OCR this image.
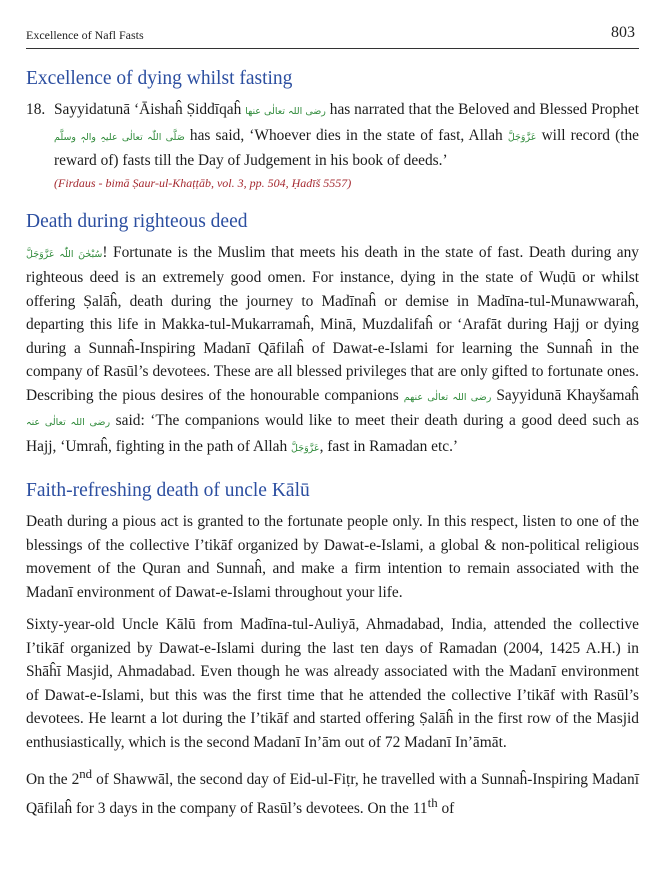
Excellence of Nafl Fasts	803
Excellence of dying whilst fasting

18. Sayyidatunā ‘Āishaĥ Ṣiddīqaĥ رضی اللہ تعالٰی عنھا has narrated that the Beloved and Blessed Prophet صَلَّی اللّٰہ تعالٰی علیہِ والہٖ وسلَّم has said, ‘Whoever dies in the state of fast, Allah عَزَّوَجَلَّ will record (the reward of) fasts till the Day of Judgement in his book of deeds.’

(Firdaus - bimā Ṣaur-ul-Khaṭṭāb, vol. 3, pp. 504, Ḥadīš 5557)
Death during righteous deed

سُبْحٰنَ اللّٰہ عَزَّوَجَلَّ! Fortunate is the Muslim that meets his death in the state of fast. Death during any righteous deed is an extremely good omen. For instance, dying in the state of Wuḍū or whilst offering Ṣalāĥ, death during the journey to Madīnaĥ or demise in Madīna-tul-Munawwaraĥ, departing this life in Makka-tul-Mukarramaĥ, Minā, Muzdalifaĥ or ‘Arafāt during Hajj or dying during a Sunnaĥ-Inspiring Madanī Qāfilaĥ of Dawat-e-Islami for learning the Sunnaĥ in the company of Rasūl’s devotees. These are all blessed privileges that are only gifted to fortunate ones. Describing the pious desires of the honourable companions رضی اللہ تعالٰی عنھم Sayyidunā Khayšamaĥ رضی اللہ تعالٰی عنہ said: ‘The companions would like to meet their death during a good deed such as Hajj, ‘Umraĥ, fighting in the path of Allah عَزَّوَجَلَّ, fast in Ramadan etc.’

Faith-refreshing death of uncle Kālū

Death during a pious act is granted to the fortunate people only. In this respect, listen to one of the blessings of the collective I’tikāf organized by Dawat-e-Islami, a global & non-political religious movement of the Quran and Sunnaĥ, and make a firm intention to remain associated with the Madanī environment of Dawat-e-Islami throughout your life.

Sixty-year-old Uncle Kālū from Madīna-tul-Auliyā, Ahmadabad, India, attended the collective I’tikāf organized by Dawat-e-Islami during the last ten days of Ramadan (2004, 1425 A.H.) in Shāĥī Masjid, Ahmadabad. Even though he was already associated with the Madanī environment of Dawat-e-Islami, but this was the first time that he attended the collective I’tikāf with Rasūl’s devotees. He learnt a lot during the I’tikāf and started offering Ṣalāĥ in the first row of the Masjid enthusiastically, which is the second Madanī In’ām out of 72 Madanī In’āmāt.

On the 2nd of Shawwāl, the second day of Eid-ul-Fiṭr, he travelled with a Sunnaĥ-Inspiring Madanī Qāfilaĥ for 3 days in the company of Rasūl’s devotees. On the 11th of
